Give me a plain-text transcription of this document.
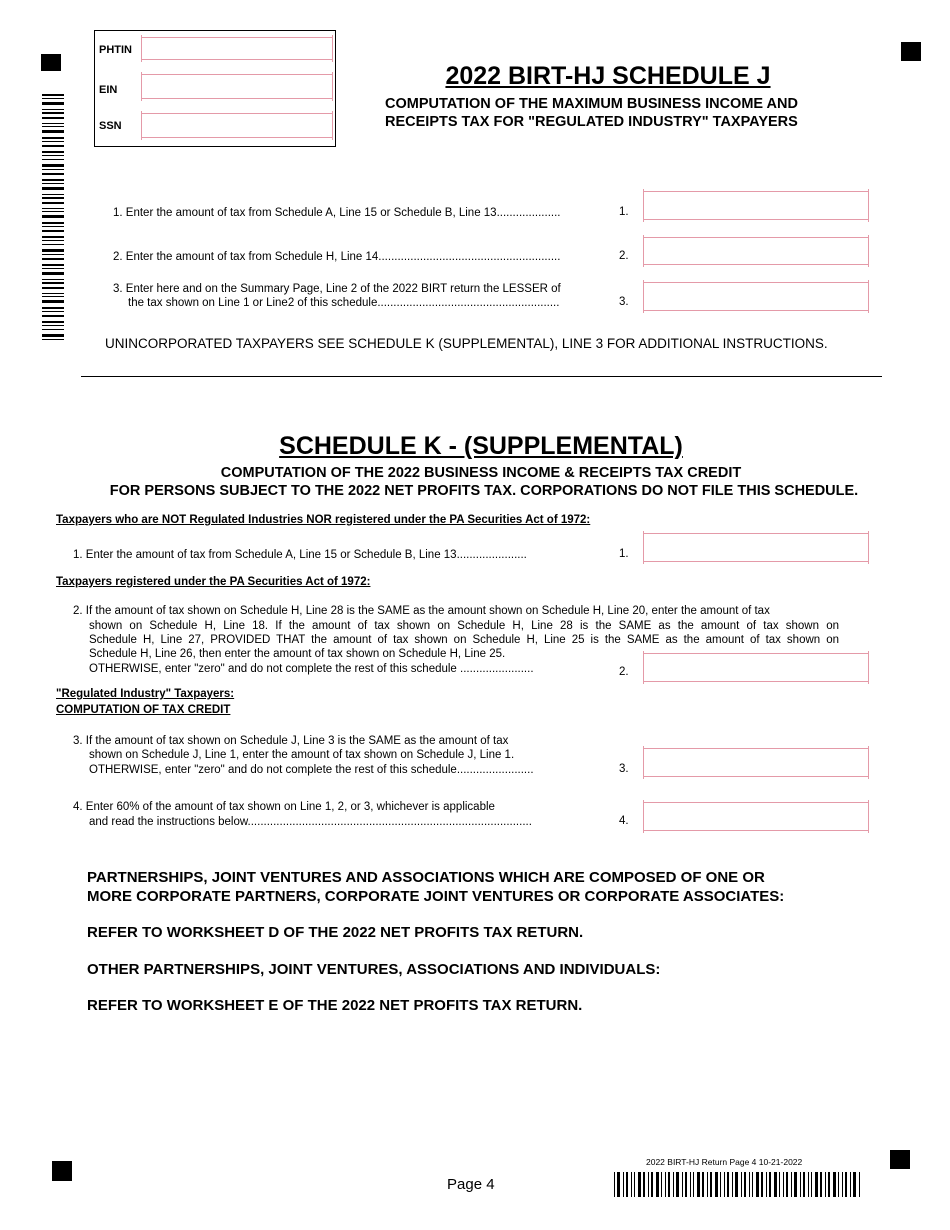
PHTIN
EIN
SSN
2022 BIRT-HJ SCHEDULE J
COMPUTATION OF THE MAXIMUM BUSINESS INCOME AND
RECEIPTS TAX FOR "REGULATED INDUSTRY" TAXPAYERS
1. Enter the amount of tax from Schedule A, Line 15 or Schedule B, Line 13....................	1.
2. Enter the amount of tax from Schedule H, Line 14.........................................................	2.
3. Enter here and on the Summary Page, Line 2 of the 2022 BIRT return the LESSER of
the tax shown on Line 1 or Line2 of this schedule.........................................................	3.
UNINCORPORATED TAXPAYERS SEE SCHEDULE K (SUPPLEMENTAL), LINE 3 FOR ADDITIONAL INSTRUCTIONS.
SCHEDULE K - (SUPPLEMENTAL)
COMPUTATION OF THE 2022 BUSINESS INCOME & RECEIPTS TAX CREDIT
FOR PERSONS SUBJECT TO THE 2022 NET PROFITS TAX. CORPORATIONS DO NOT FILE THIS SCHEDULE.
Taxpayers who are NOT Regulated Industries NOR registered under the PA Securities Act of 1972:
1. Enter the amount of tax from Schedule A, Line 15 or Schedule B, Line 13......................	1.
Taxpayers registered under the PA Securities Act of 1972:
2. If the amount of tax shown on Schedule H, Line 28 is the SAME as the amount shown on Schedule H, Line 20, enter the amount of tax
shown on Schedule H, Line 18. If the amount of tax shown on Schedule H, Line 28 is the SAME as the amount of tax shown on
Schedule H, Line 27, PROVIDED THAT the amount of tax shown on Schedule H, Line 25 is the SAME as the amount of tax shown on
Schedule H, Line 26, then enter the amount of tax shown on Schedule H, Line 25.
OTHERWISE, enter "zero" and do not complete the rest of this schedule .......................	2.
"Regulated Industry" Taxpayers:
COMPUTATION OF TAX CREDIT
3. If the amount of tax shown on Schedule J, Line 3 is the SAME as the amount of tax
shown on Schedule J, Line 1, enter the amount of tax shown on Schedule J, Line 1.
OTHERWISE, enter "zero" and do not complete the rest of this schedule........................	3.
4. Enter 60% of the amount of tax shown on Line 1, 2, or 3, whichever is applicable
and read the instructions below.........................................................................................	4.
PARTNERSHIPS, JOINT VENTURES AND ASSOCIATIONS WHICH ARE COMPOSED OF ONE OR
MORE CORPORATE PARTNERS, CORPORATE JOINT VENTURES OR CORPORATE ASSOCIATES:
REFER TO WORKSHEET D OF THE 2022 NET PROFITS TAX RETURN.
OTHER PARTNERSHIPS, JOINT VENTURES, ASSOCIATIONS AND INDIVIDUALS:
REFER TO WORKSHEET E OF THE 2022 NET PROFITS TAX RETURN.
2022 BIRT-HJ Return Page 4 10-21-2022
Page 4
